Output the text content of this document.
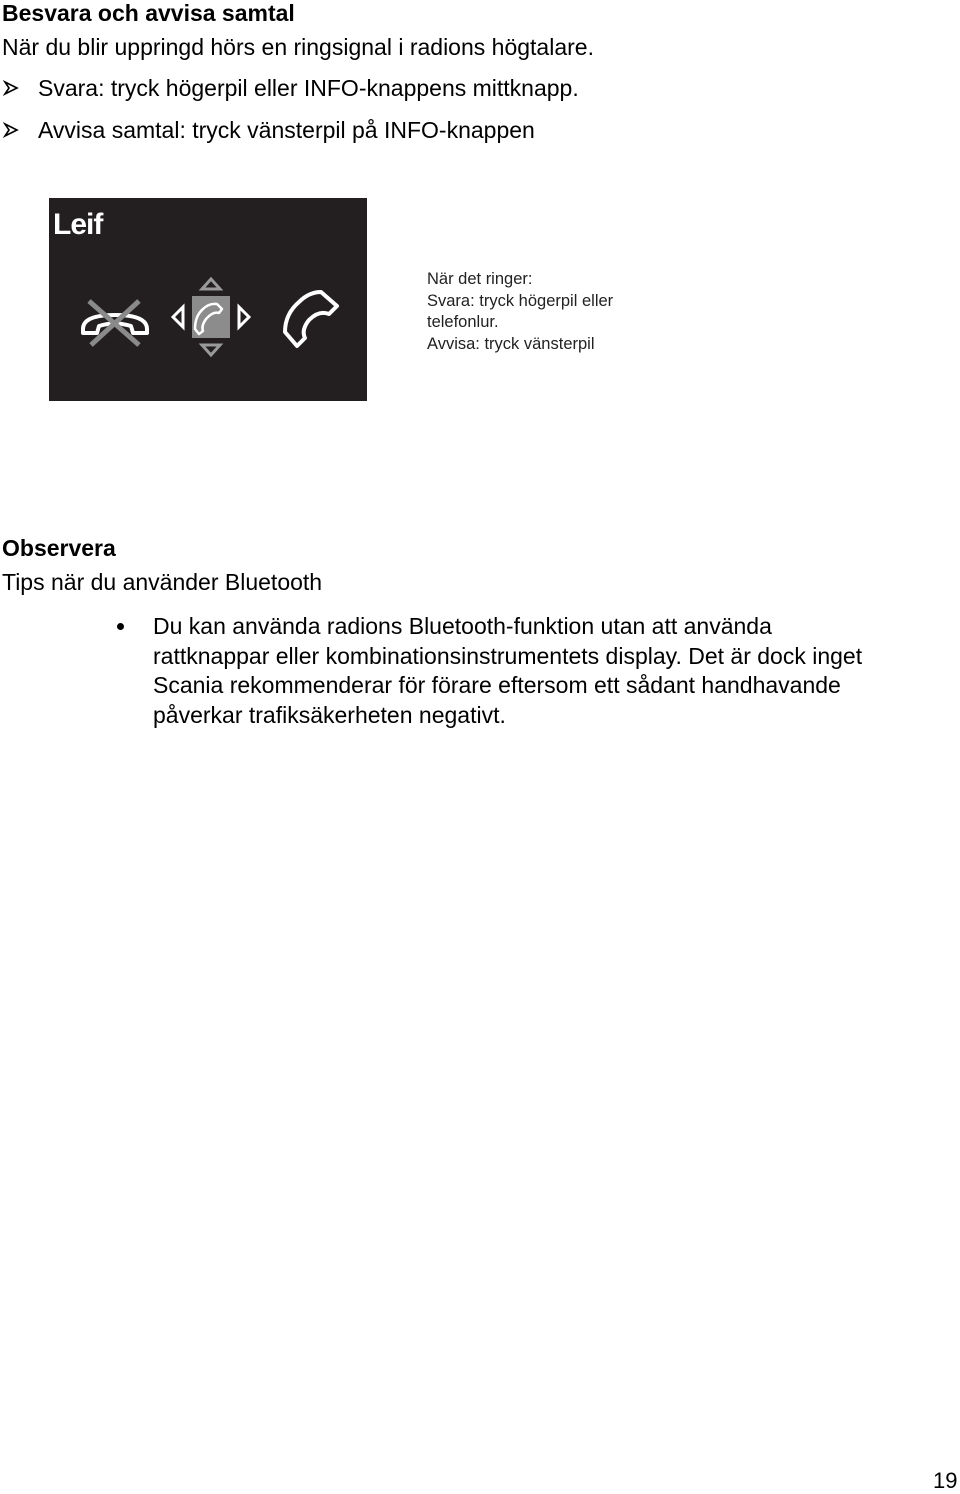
Besvara och avvisa samtal
När du blir uppringd hörs en ringsignal i radions högtalare.
Svara: tryck högerpil eller INFO-knappens mittknapp.
Avvisa samtal: tryck vänsterpil på INFO-knappen
Leif
När det ringer:
Svara: tryck högerpil eller
telefonlur.
Avvisa: tryck vänsterpil
Observera
Tips när du använder Bluetooth
Du kan använda radions Bluetooth-funktion utan att använda
rattknappar eller kombinationsinstrumentets display. Det är dock inget
Scania rekommenderar för förare eftersom ett sådant handhavande
påverkar trafiksäkerheten negativt.
19
